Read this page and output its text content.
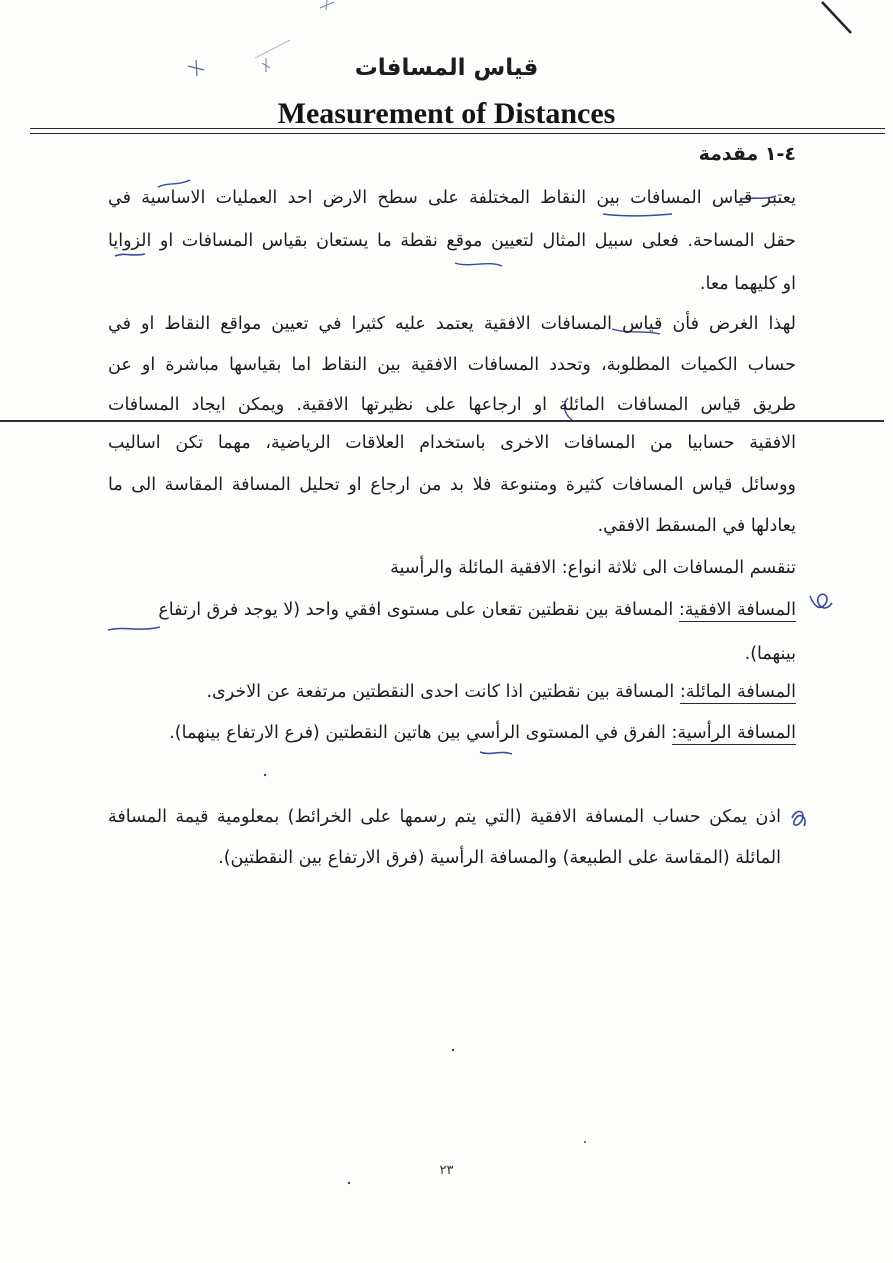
قياس المسافات
Measurement of Distances
٤-١ مقدمة
يعتبر قياس المسافات بين النقاط المختلفة على سطح الارض احد العمليات الاساسية في
حقل المساحة. فعلى سبيل المثال لتعيين موقع نقطة ما يستعان بقياس المسافات او الزوايا
او كليهما معا.
لهذا الغرض فأن قياس المسافات الافقية يعتمد عليه كثيرا في تعيين مواقع النقاط او في
حساب الكميات المطلوبة، وتحدد المسافات الافقية بين النقاط اما بقياسها مباشرة او عن
طريق قياس المسافات المائلة او ارجاعها على نظيرتها الافقية. ويمكن ايجاد المسافات
الافقية حسابيا من المسافات الاخرى باستخدام العلاقات الرياضية، مهما تكن اساليب
ووسائل قياس المسافات كثيرة ومتنوعة فلا بد من ارجاع او تحليل المسافة المقاسة الى ما
يعادلها في المسقط الافقي.
تنقسم المسافات الى ثلاثة انواع: الافقية المائلة والرأسية
المسافة الافقية: المسافة بين نقطتين تقعان على مستوى افقي واحد (لا يوجد فرق ارتفاع
بينهما).
المسافة المائلة: المسافة بين نقطتين اذا كانت احدى النقطتين مرتفعة عن الاخرى.
المسافة الرأسية: الفرق في المستوى الرأسي بين هاتين النقطتين (فرع الارتفاع بينهما).
اذن يمكن حساب المسافة الافقية (التي يتم رسمها على الخرائط) بمعلومية قيمة المسافة
المائلة (المقاسة على الطبيعة) والمسافة الرأسية (فرق الارتفاع بين النقطتين).
٢٣
